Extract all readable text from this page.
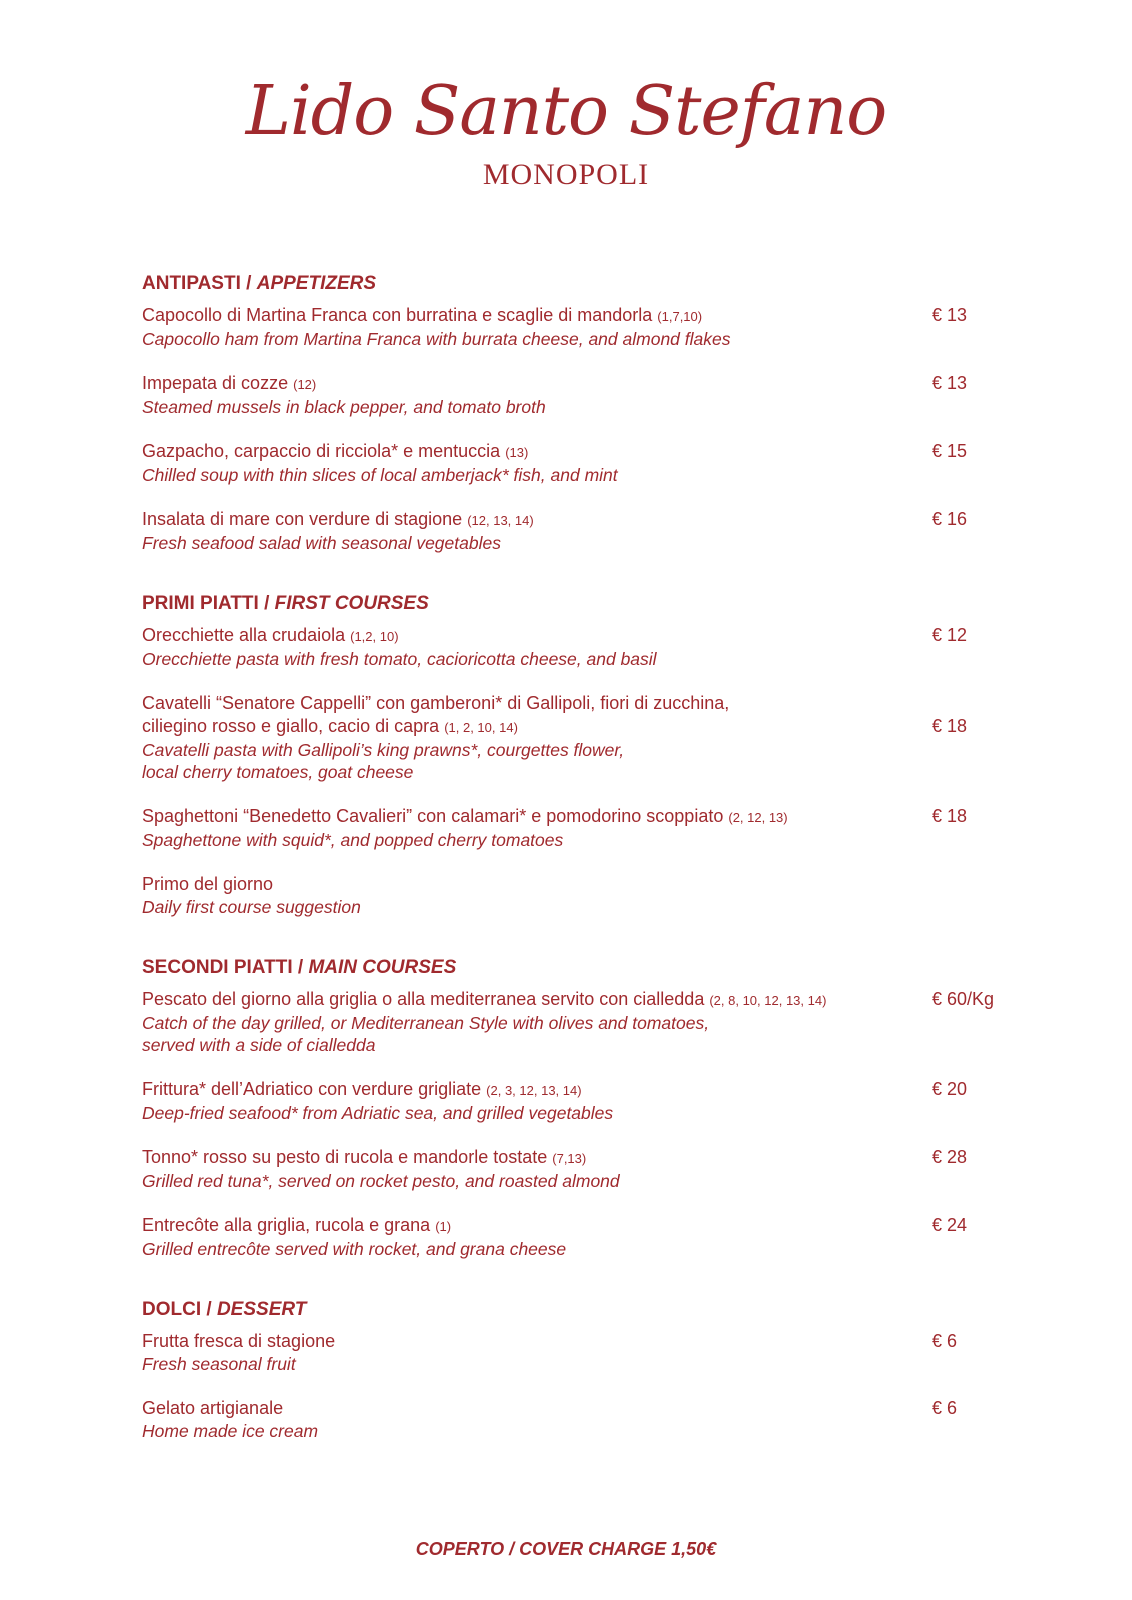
Lido Santo Stefano
MONOPOLI
ANTIPASTI / APPETIZERS
Capocollo di Martina Franca con burratina e scaglie di mandorla (1,7,10)
Capocollo ham from Martina Franca with burrata cheese, and almond flakes
€ 13
Impepata di cozze (12)
Steamed mussels in black pepper, and tomato broth
€ 13
Gazpacho, carpaccio di ricciola* e mentuccia (13)
Chilled soup with thin slices of local amberjack* fish, and mint
€ 15
Insalata di mare con verdure di stagione (12, 13, 14)
Fresh seafood salad with seasonal vegetables
€ 16
PRIMI PIATTI / FIRST COURSES
Orecchiette alla crudaiola (1,2, 10)
Orecchiette pasta with fresh tomato, cacioricotta cheese, and basil
€ 12
Cavatelli “Senatore Cappelli” con gamberoni* di Gallipoli, fiori di zucchina,
ciliegino rosso e giallo, cacio di capra (1, 2, 10, 14)
Cavatelli pasta with Gallipoli’s king prawns*, courgettes flower,
local cherry tomatoes, goat cheese
€ 18
Spaghettoni “Benedetto Cavalieri” con calamari* e pomodorino scoppiato (2, 12, 13)
Spaghettone with squid*, and popped cherry tomatoes
€ 18
Primo del giorno
Daily first course suggestion
SECONDI PIATTI / MAIN COURSES
Pescato del giorno alla griglia o alla mediterranea servito con cialledda (2, 8, 10, 12, 13, 14)
Catch of the day grilled, or Mediterranean Style with olives and tomatoes,
served with a side of cialledda
€ 60/Kg
Frittura* dell’Adriatico con verdure grigliate (2, 3, 12, 13, 14)
Deep-fried seafood* from Adriatic sea, and grilled vegetables
€ 20
Tonno* rosso su pesto di rucola e mandorle tostate (7,13)
Grilled red tuna*, served on rocket pesto, and roasted almond
€ 28
Entrecôte alla griglia, rucola e grana (1)
Grilled entrecôte served with rocket, and grana cheese
€ 24
DOLCI / DESSERT
Frutta fresca di stagione
Fresh seasonal fruit
€ 6
Gelato artigianale
Home made ice cream
€ 6
COPERTO / COVER CHARGE 1,50€
